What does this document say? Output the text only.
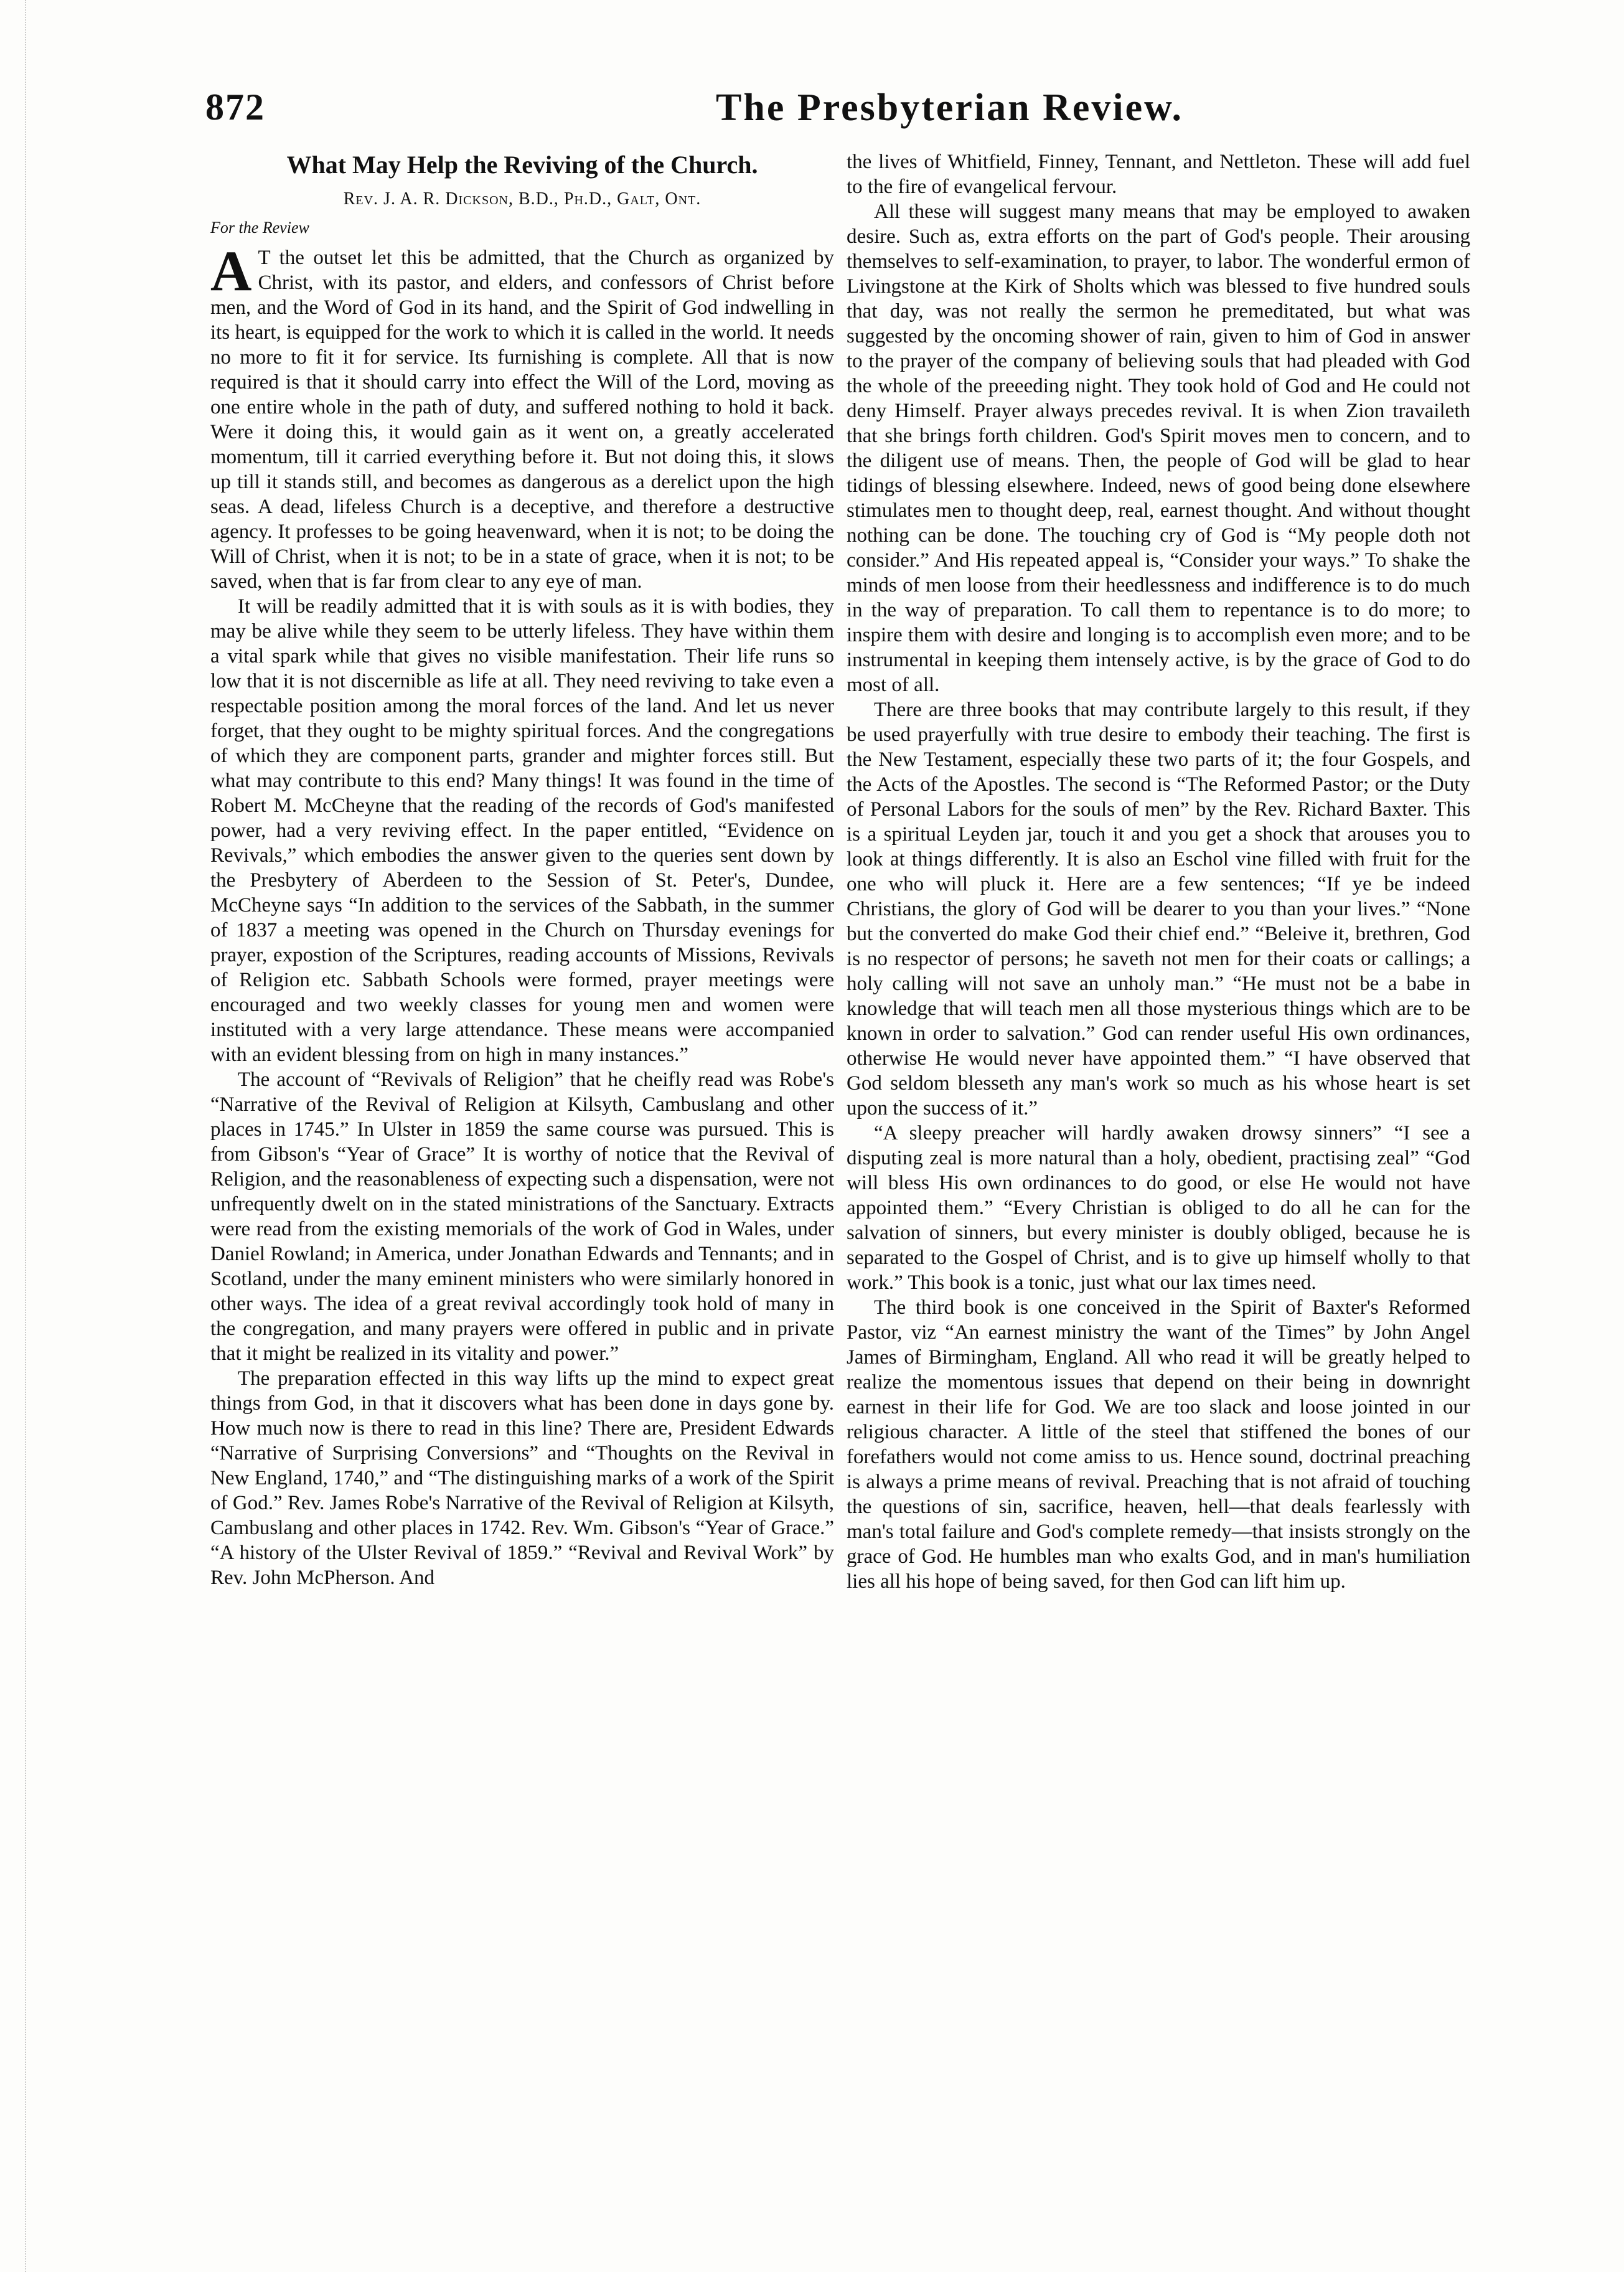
872	The Presbyterian Review.
What May Help the Reviving of the Church.
Rev. J. A. R. Dickson, B.D., Ph.D., Galt, Ont.
For the Review

A T the outset let this be admitted, that the Church as organized by Christ, with its pastor, and elders, and confessors of Christ before men, and the Word of God in its hand, and the Spirit of God indwelling in its heart, is equipped for the work to which it is called in the world. It needs no more to fit it for service. Its furnishing is complete. All that is now required is that it should carry into effect the Will of the Lord, moving as one entire whole in the path of duty, and suffered nothing to hold it back. Were it doing this, it would gain as it went on, a greatly accelerated momentum, till it carried everything before it. But not doing this, it slows up till it stands still, and becomes as dangerous as a derelict upon the high seas. A dead, lifeless Church is a deceptive, and therefore a destructive agency. It professes to be going heavenward, when it is not; to be doing the Will of Christ, when it is not; to be in a state of grace, when it is not; to be saved, when that is far from clear to any eye of man.

It will be readily admitted that it is with souls as it is with bodies, they may be alive while they seem to be utterly lifeless. They have within them a vital spark while that gives no visible manifestation. Their life runs so low that it is not discernible as life at all. They need reviving to take even a respectable position among the moral forces of the land. And let us never forget, that they ought to be mighty spiritual forces. And the congregations of which they are component parts, grander and mighter forces still. But what may contribute to this end? Many things! It was found in the time of Robert M. McCheyne that the reading of the records of God's manifested power, had a very reviving effect. In the paper entitled, “Evidence on Revivals,” which embodies the answer given to the queries sent down by the Presbytery of Aberdeen to the Session of St. Peter's, Dundee, McCheyne says “In addition to the services of the Sabbath, in the summer of 1837 a meeting was opened in the Church on Thursday evenings for prayer, expostion of the Scriptures, reading accounts of Missions, Revivals of Religion etc. Sabbath Schools were formed, prayer meetings were encouraged and two weekly classes for young men and women were instituted with a very large attendance. These means were accompanied with an evident blessing from on high in many instances.”

The account of “Revivals of Religion” that he cheifly read was Robe's “Narrative of the Revival of Religion at Kilsyth, Cambuslang and other places in 1745.” In Ulster in 1859 the same course was pursued. This is from Gibson's “Year of Grace” It is worthy of notice that the Revival of Religion, and the reasonableness of expecting such a dispensation, were not unfrequently dwelt on in the stated ministrations of the Sanctuary. Extracts were read from the existing memorials of the work of God in Wales, under Daniel Rowland; in America, under Jonathan Edwards and Tennants; and in Scotland, under the many eminent ministers who were similarly honored in other ways. The idea of a great revival accordingly took hold of many in the congregation, and many prayers were offered in public and in private that it might be realized in its vitality and power.”

The preparation effected in this way lifts up the mind to expect great things from God, in that it discovers what has been done in days gone by. How much now is there to read in this line? There are, President Edwards “Narrative of Surprising Conversions” and “Thoughts on the Revival in New England, 1740,” and “The distinguishing marks of a work of the Spirit of God.” Rev. James Robe's Narrative of the Revival of Religion at Kilsyth, Cambuslang and other places in 1742. Rev. Wm. Gibson's “Year of Grace.” “A history of the Ulster Revival of 1859.” “Revival and Revival Work” by Rev. John McPherson. And

the lives of Whitfield, Finney, Tennant, and Nettleton. These will add fuel to the fire of evangelical fervour.

All these will suggest many means that may be employed to awaken desire. Such as, extra efforts on the part of God's people. Their arousing themselves to self-examination, to prayer, to labor. The wonderful ermon of Livingstone at the Kirk of Sholts which was blessed to five hundred souls that day, was not really the sermon he premeditated, but what was suggested by the oncoming shower of rain, given to him of God in answer to the prayer of the company of believing souls that had pleaded with God the whole of the preeeding night. They took hold of God and He could not deny Himself. Prayer always precedes revival. It is when Zion travaileth that she brings forth children. God's Spirit moves men to concern, and to the diligent use of means. Then, the people of God will be glad to hear tidings of blessing elsewhere. Indeed, news of good being done elsewhere stimulates men to thought deep, real, earnest thought. And without thought nothing can be done. The touching cry of God is “My people doth not consider.” And His repeated appeal is, “Consider your ways.” To shake the minds of men loose from their heedlessness and indifference is to do much in the way of preparation. To call them to repentance is to do more; to inspire them with desire and longing is to accomplish even more; and to be instrumental in keeping them intensely active, is by the grace of God to do most of all.

There are three books that may contribute largely to this result, if they be used prayerfully with true desire to embody their teaching. The first is the New Testament, especially these two parts of it; the four Gospels, and the Acts of the Apostles. The second is “The Reformed Pastor; or the Duty of Personal Labors for the souls of men” by the Rev. Richard Baxter. This is a spiritual Leyden jar, touch it and you get a shock that arouses you to look at things differently. It is also an Eschol vine filled with fruit for the one who will pluck it. Here are a few sentences; “If ye be indeed Christians, the glory of God will be dearer to you than your lives.” “None but the converted do make God their chief end.” “Beleive it, brethren, God is no respector of persons; he saveth not men for their coats or callings; a holy calling will not save an unholy man.” “He must not be a babe in knowledge that will teach men all those mysterious things which are to be known in order to salvation.” God can render useful His own ordinances, otherwise He would never have appointed them.” “I have observed that God seldom blesseth any man's work so much as his whose heart is set upon the success of it.”

“A sleepy preacher will hardly awaken drowsy sinners” “I see a disputing zeal is more natural than a holy, obedient, practising zeal” “God will bless His own ordinances to do good, or else He would not have appointed them.” “Every Christian is obliged to do all he can for the salvation of sinners, but every minister is doubly obliged, because he is separated to the Gospel of Christ, and is to give up himself wholly to that work.” This book is a tonic, just what our lax times need.

The third book is one conceived in the Spirit of Baxter's Reformed Pastor, viz “An earnest ministry the want of the Times” by John Angel James of Birmingham, England. All who read it will be greatly helped to realize the momentous issues that depend on their being in downright earnest in their life for God. We are too slack and loose jointed in our religious character. A little of the steel that stiffened the bones of our forefathers would not come amiss to us. Hence sound, doctrinal preaching is always a prime means of revival. Preaching that is not afraid of touching the questions of sin, sacrifice, heaven, hell—that deals fearlessly with man's total failure and God's complete remedy—that insists strongly on the grace of God. He humbles man who exalts God, and in man's humiliation lies all his hope of being saved, for then God can lift him up.
